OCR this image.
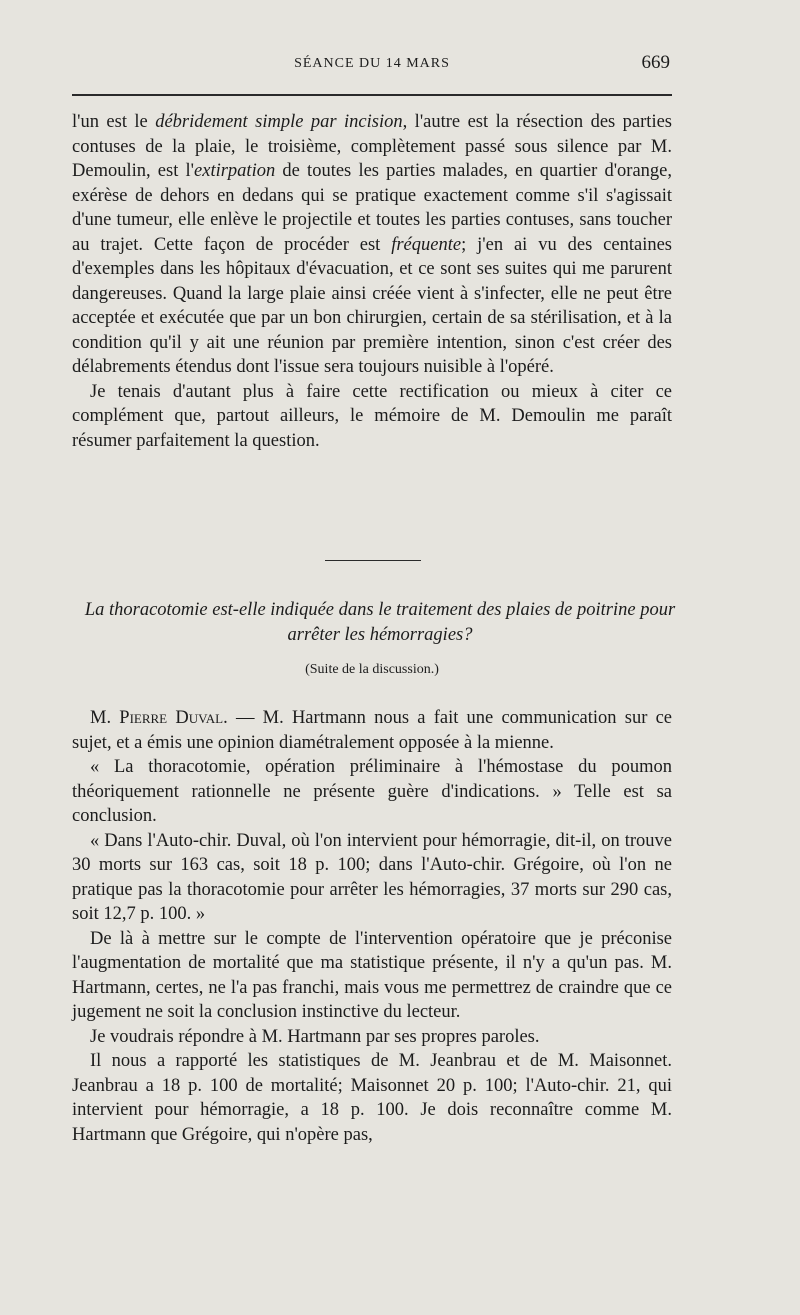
SÉANCE DU 14 MARS	669

l'un est le débridement simple par incision, l'autre est la résection des parties contuses de la plaie, le troisième, complètement passé sous silence par M. Demoulin, est l'extirpation de toutes les parties malades, en quartier d'orange, exérèse de dehors en dedans qui se pratique exactement comme s'il s'agissait d'une tumeur, elle enlève le projectile et toutes les parties contuses, sans toucher au trajet. Cette façon de procéder est fréquente; j'en ai vu des centaines d'exemples dans les hôpitaux d'évacuation, et ce sont ses suites qui me parurent dangereuses. Quand la large plaie ainsi créée vient à s'infecter, elle ne peut être acceptée et exécutée que par un bon chirurgien, certain de sa stérilisation, et à la condition qu'il y ait une réunion par première intention, sinon c'est créer des délabrements étendus dont l'issue sera toujours nuisible à l'opéré.

Je tenais d'autant plus à faire cette rectification ou mieux à citer ce complément que, partout ailleurs, le mémoire de M. Demoulin me paraît résumer parfaitement la question.

La thoracotomie est-elle indiquée dans le traitement des plaies de poitrine pour arrêter les hémorragies?
(Suite de la discussion.)

M. Pierre Duval. — M. Hartmann nous a fait une communication sur ce sujet, et a émis une opinion diamétralement opposée à la mienne.

« La thoracotomie, opération préliminaire à l'hémostase du poumon théoriquement rationnelle ne présente guère d'indications. » Telle est sa conclusion.

« Dans l'Auto-chir. Duval, où l'on intervient pour hémorragie, dit-il, on trouve 30 morts sur 163 cas, soit 18 p. 100; dans l'Auto-chir. Grégoire, où l'on ne pratique pas la thoracotomie pour arrêter les hémorragies, 37 morts sur 290 cas, soit 12,7 p. 100. »

De là à mettre sur le compte de l'intervention opératoire que je préconise l'augmentation de mortalité que ma statistique présente, il n'y a qu'un pas. M. Hartmann, certes, ne l'a pas franchi, mais vous me permettrez de craindre que ce jugement ne soit la conclusion instinctive du lecteur.

Je voudrais répondre à M. Hartmann par ses propres paroles.

Il nous a rapporté les statistiques de M. Jeanbrau et de M. Maisonnet. Jeanbrau a 18 p. 100 de mortalité; Maisonnet 20 p. 100; l'Auto-chir. 21, qui intervient pour hémorragie, a 18 p. 100. Je dois reconnaître comme M. Hartmann que Grégoire, qui n'opère pas,
